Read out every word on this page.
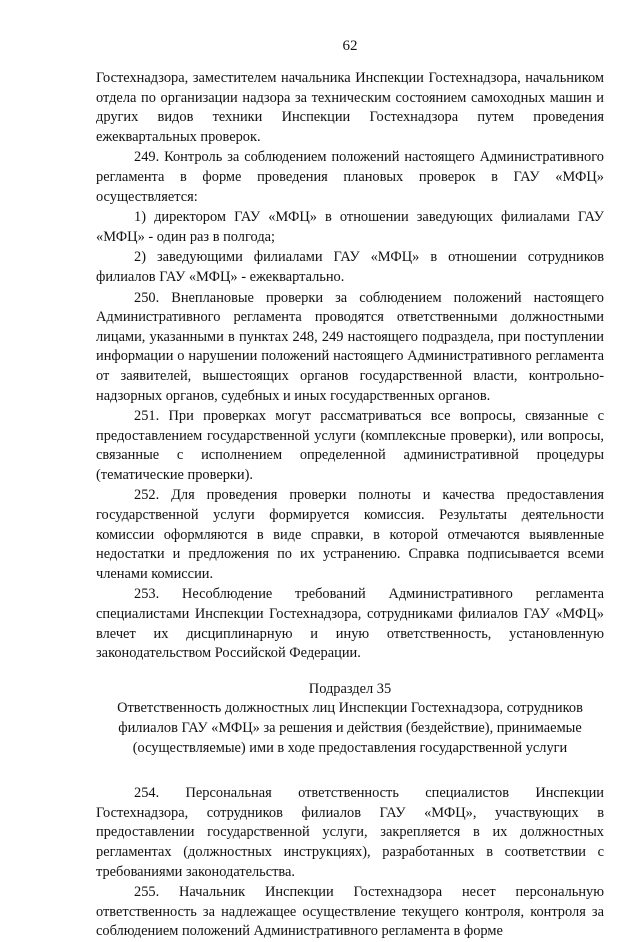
62

Гостехнадзора, заместителем начальника Инспекции Гостехнадзора, начальником отдела по организации надзора за техническим состоянием самоходных машин и других видов техники Инспекции Гостехнадзора путем проведения ежеквартальных проверок.

249. Контроль за соблюдением положений настоящего Административного регламента в форме проведения плановых проверок в ГАУ «МФЦ» осуществляется:

1) директором ГАУ «МФЦ» в отношении заведующих филиалами ГАУ «МФЦ» - один раз в полгода;

2) заведующими филиалами ГАУ «МФЦ» в отношении сотрудников филиалов ГАУ «МФЦ» - ежеквартально.

250. Внеплановые проверки за соблюдением положений настоящего Административного регламента проводятся ответственными должностными лицами, указанными в пунктах 248, 249 настоящего подраздела, при поступлении информации о нарушении положений настоящего Административного регламента от заявителей, вышестоящих органов государственной власти, контрольно-надзорных органов, судебных и иных государственных органов.

251. При проверках могут рассматриваться все вопросы, связанные с предоставлением государственной услуги (комплексные проверки), или вопросы, связанные с исполнением определенной административной процедуры (тематические проверки).

252. Для проведения проверки полноты и качества предоставления государственной услуги формируется комиссия. Результаты деятельности комиссии оформляются в виде справки, в которой отмечаются выявленные недостатки и предложения по их устранению. Справка подписывается всеми членами комиссии.

253. Несоблюдение требований Административного регламента специалистами Инспекции Гостехнадзора, сотрудниками филиалов ГАУ «МФЦ» влечет их дисциплинарную и иную ответственность, установленную законодательством Российской Федерации.

Подраздел 35
Ответственность должностных лиц Инспекции Гостехнадзора, сотрудников
филиалов ГАУ «МФЦ» за решения и действия (бездействие), принимаемые
(осуществляемые) ими в ходе предоставления государственной услуги

254. Персональная ответственность специалистов Инспекции Гостехнадзора, сотрудников филиалов ГАУ «МФЦ», участвующих в предоставлении государственной услуги, закрепляется в их должностных регламентах (должностных инструкциях), разработанных в соответствии с требованиями законодательства.

255. Начальник Инспекции Гостехнадзора несет персональную ответственность за надлежащее осуществление текущего контроля, контроля за соблюдением положений Административного регламента в форме
